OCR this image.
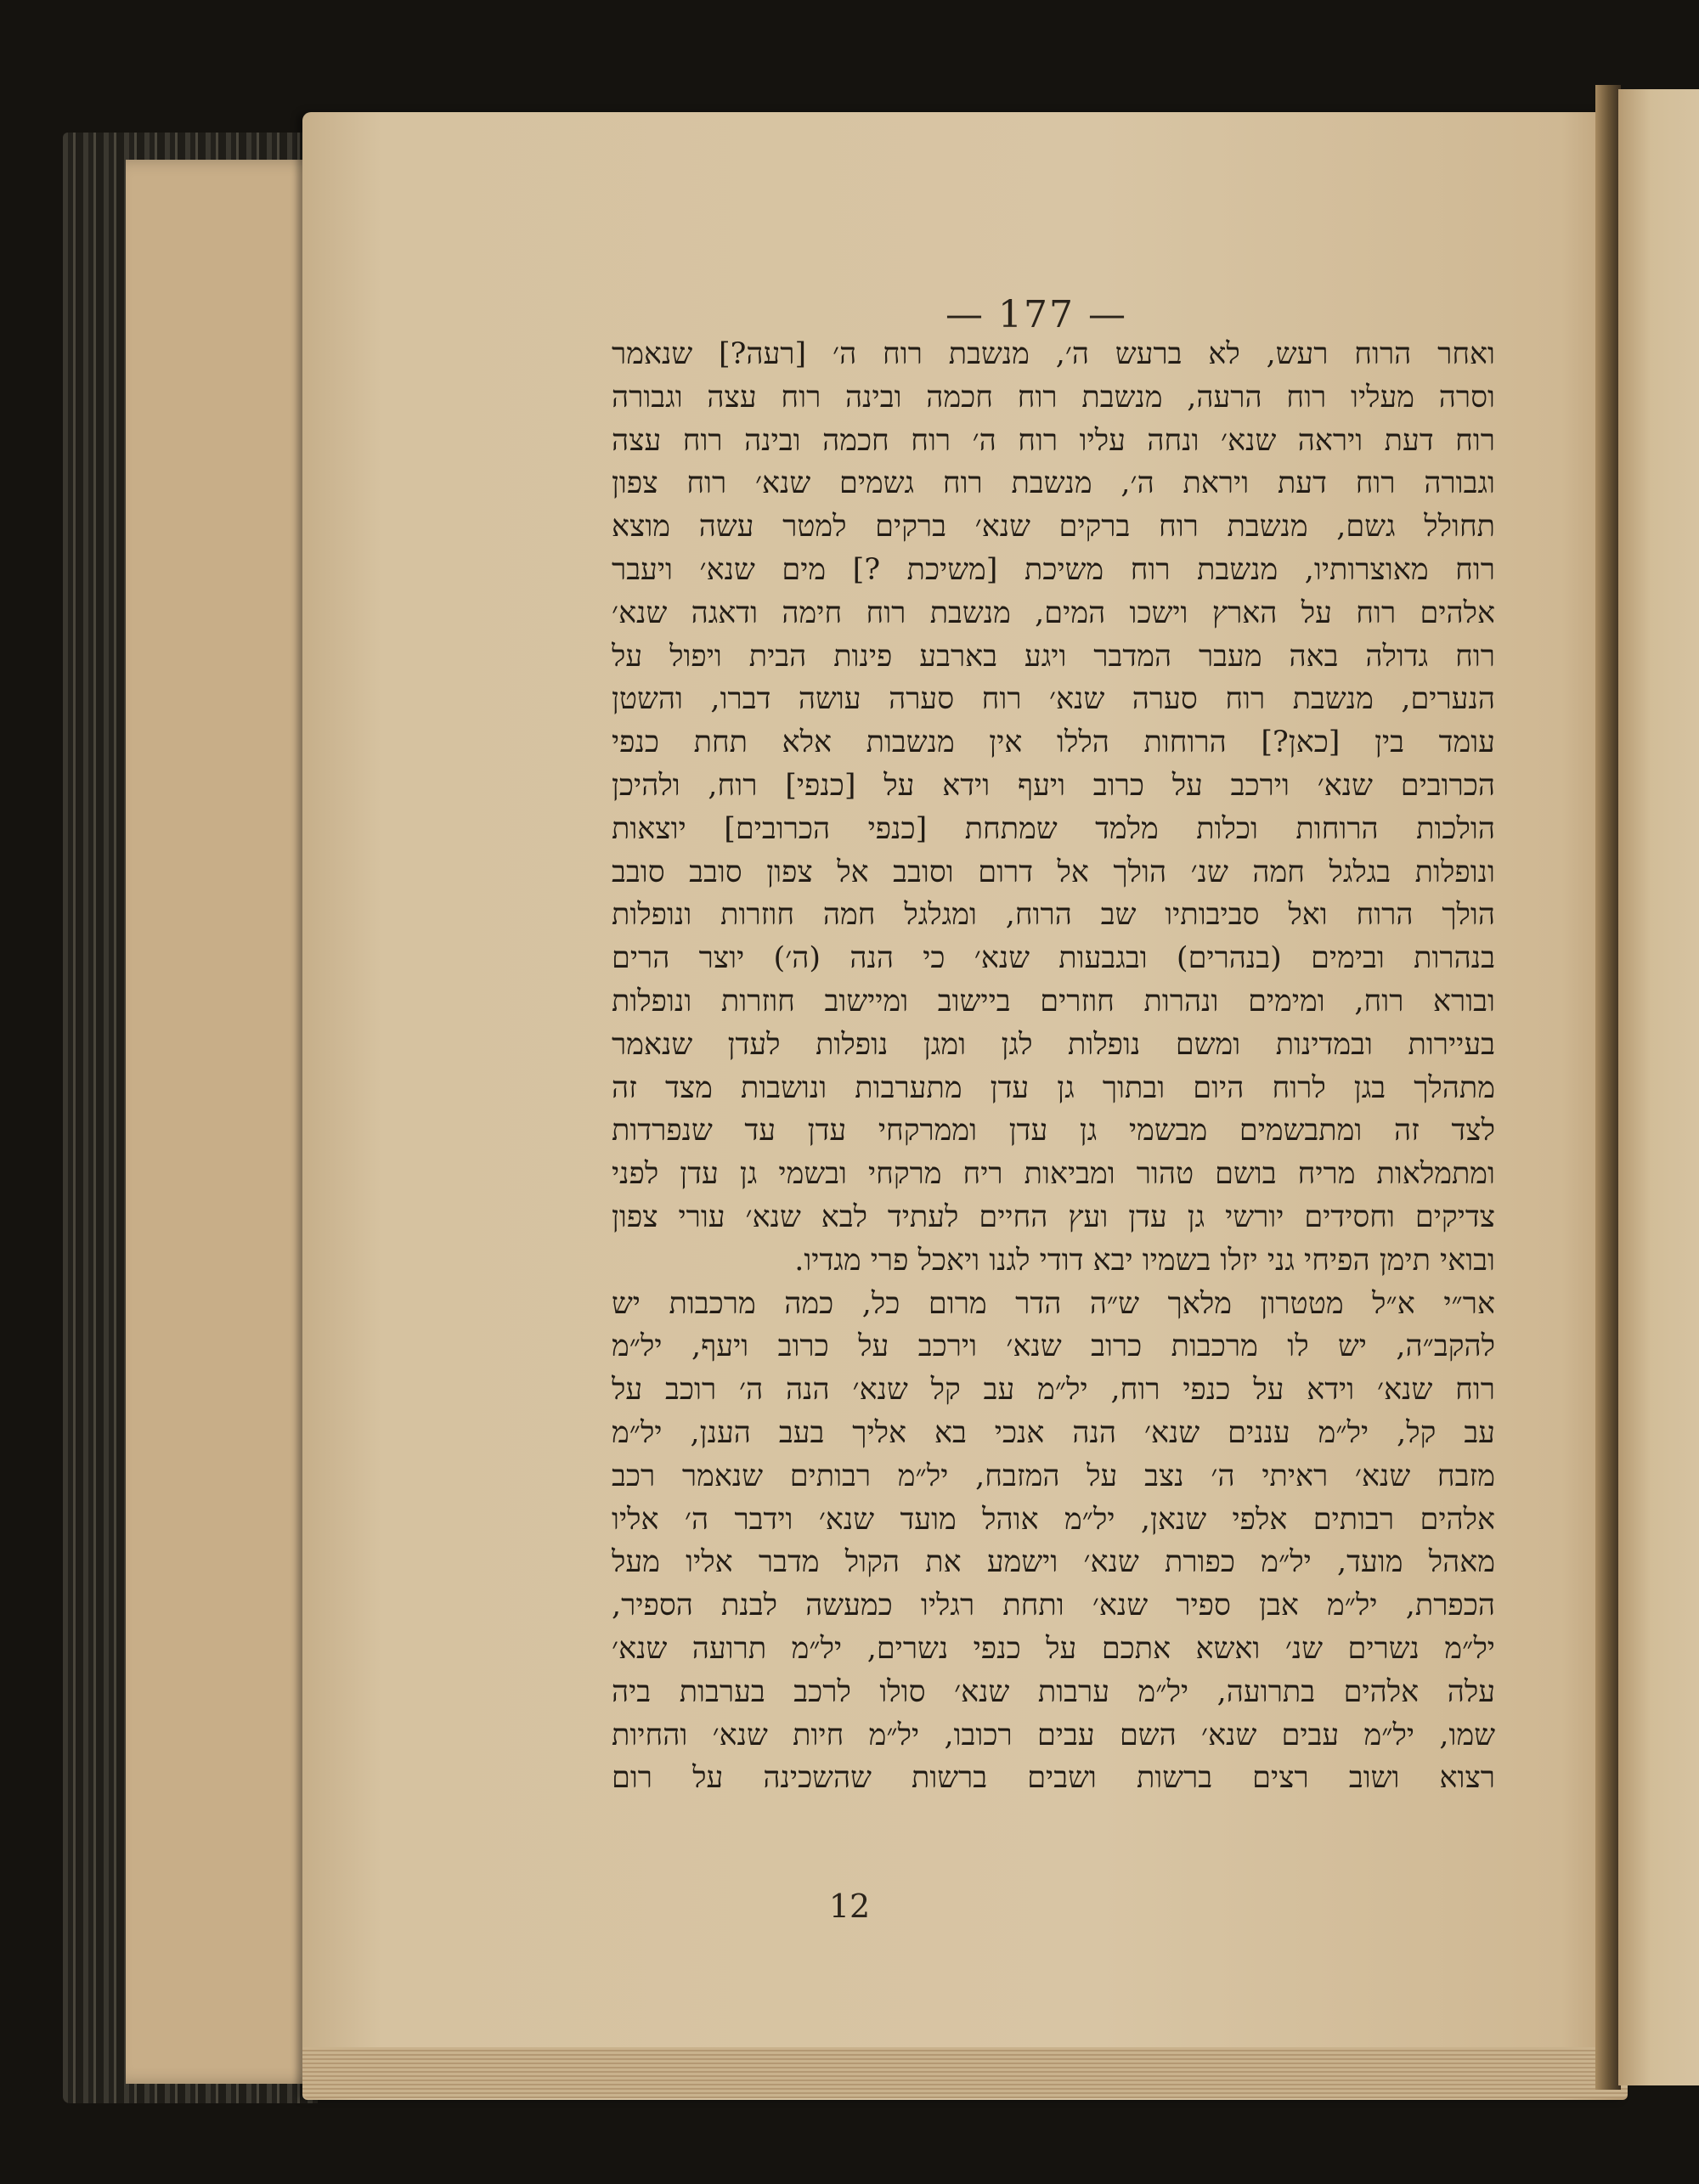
— 177 —
ואחר הרוח רעש, לא ברעש ה׳, מנשבת רוח ה׳ [רעה?] שנאמר
וסרה מעליו רוח הרעה, מנשבת רוח חכמה ובינה רוח עצה וגבורה
רוח דעת ויראה שנא׳ ונחה עליו רוח ה׳ רוח חכמה ובינה רוח עצה
וגבורה רוח דעת ויראת ה׳, מנשבת רוח גשמים שנא׳ רוח צפון
תחולל גשם, מנשבת רוח ברקים שנא׳ ברקים למטר עשה מוצא
רוח מאוצרותיו, מנשבת רוח משיכת [משיכת ?] מים שנא׳ ויעבר
אלהים רוח על הארץ וישכו המים, מנשבת רוח חימה ודאגה שנא׳
רוח גדולה באה מעבר המדבר ויגע בארבע פינות הבית ויפול על
הנערים, מנשבת רוח סערה שנא׳ רוח סערה עושה דברו, והשטן
עומד בין [כאן?] הרוחות הללו אין מנשבות אלא תחת כנפי
הכרובים שנא׳ וירכב על כרוב ויעף וידא על [כנפי] רוח, ולהיכן
הולכות הרוחות וכלות מלמד שמתחת [כנפי הכרובים] יוצאות
ונופלות בגלגל חמה שנ׳ הולך אל דרום וסובב אל צפון סובב סובב
הולך הרוח ואל סביבותיו שב הרוח, ומגלגל חמה חוזרות ונופלות
בנהרות ובימים (בנהרים) ובגבעות שנא׳ כי הנה (ה׳) יוצר הרים
ובורא רוח, ומימים ונהרות חוזרים ביישוב ומיישוב חוזרות ונופלות
בעיירות ובמדינות ומשם נופלות לגן ומגן נופלות לעדן שנאמר
מתהלך בגן לרוח היום ובתוך גן עדן מתערבות ונושבות מצד זה
לצד זה ומתבשמים מבשמי גן עדן וממרקחי עדן עד שנפרדות
ומתמלאות מריח בושם טהור ומביאות ריח מרקחי ובשמי גן עדן לפני
צדיקים וחסידים יורשי גן עדן ועץ החיים לעתיד לבא שנא׳ עורי צפון
ובואי תימן הפיחי גני יזלו בשמיו יבא דודי לגנו ויאכל פרי מגדיו.
אר״י א״ל מטטרון מלאך ש״ה הדר מרום כל, כמה מרכבות יש
להקב״ה, יש לו מרכבות כרוב שנא׳ וירכב על כרוב ויעף, יל״מ
רוח שנא׳ וידא על כנפי רוח, יל״מ עב קל שנא׳ הנה ה׳ רוכב על
עב קל, יל״מ עננים שנא׳ הנה אנכי בא אליך בעב הענן, יל״מ
מזבח שנא׳ ראיתי ה׳ נצב על המזבח, יל״מ רבותים שנאמר רכב
אלהים רבותים אלפי שנאן, יל״מ אוהל מועד שנא׳ וידבר ה׳ אליו
מאהל מועד, יל״מ כפורת שנא׳ וישמע את הקול מדבר אליו מעל
הכפרת, יל״מ אבן ספיר שנא׳ ותחת רגליו כמעשה לבנת הספיר,
יל״מ נשרים שנ׳ ואשא אתכם על כנפי נשרים, יל״מ תרועה שנא׳
עלה אלהים בתרועה, יל״מ ערבות שנא׳ סולו לרכב בערבות ביה
שמו, יל״מ עבים שנא׳ השם עבים רכובו, יל״מ חיות שנא׳ והחיות
רצוא ושוב רצים ברשות ושבים ברשות שהשכינה על רום
12
